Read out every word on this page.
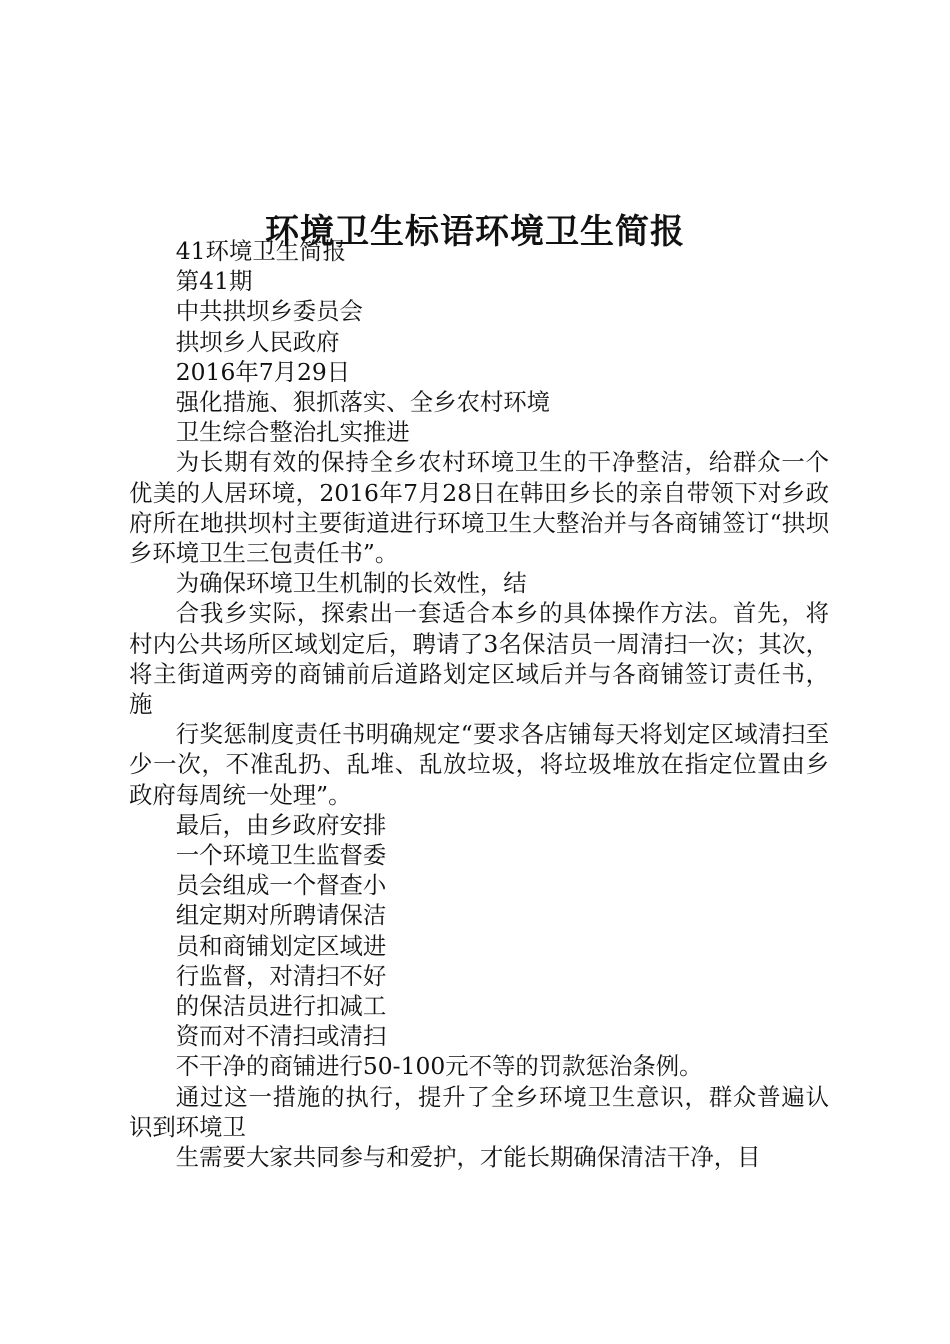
环境卫生标语环境卫生简报

41环境卫生简报

第41期

中共拱坝乡委员会

拱坝乡人民政府

2016年7月29日

强化措施、狠抓落实、全乡农村环境

卫生综合整治扎实推进

为长期有效的保持全乡农村环境卫生的干净整洁，给群众一个优美的人居环境，2016年7月28日在韩田乡长的亲自带领下对乡政府所在地拱坝村主要街道进行环境卫生大整治并与各商铺签订“拱坝乡环境卫生三包责任书”。

为确保环境卫生机制的长效性，结

合我乡实际，探索出一套适合本乡的具体操作方法。首先，将村内公共场所区域划定后，聘请了3名保洁员一周清扫一次；其次，将主街道两旁的商铺前后道路划定区域后并与各商铺签订责任书，施

行奖惩制度责任书明确规定“要求各店铺每天将划定区域清扫至少一次，不准乱扔、乱堆、乱放垃圾，将垃圾堆放在指定位置由乡政府每周统一处理”。

最后，由乡政府安排

一个环境卫生监督委

员会组成一个督查小

组定期对所聘请保洁

员和商铺划定区域进

行监督，对清扫不好

的保洁员进行扣减工

资而对不清扫或清扫

不干净的商铺进行50-100元不等的罚款惩治条例。

通过这一措施的执行，提升了全乡环境卫生意识，群众普遍认识到环境卫

生需要大家共同参与和爱护，才能长期确保清洁干净，目
